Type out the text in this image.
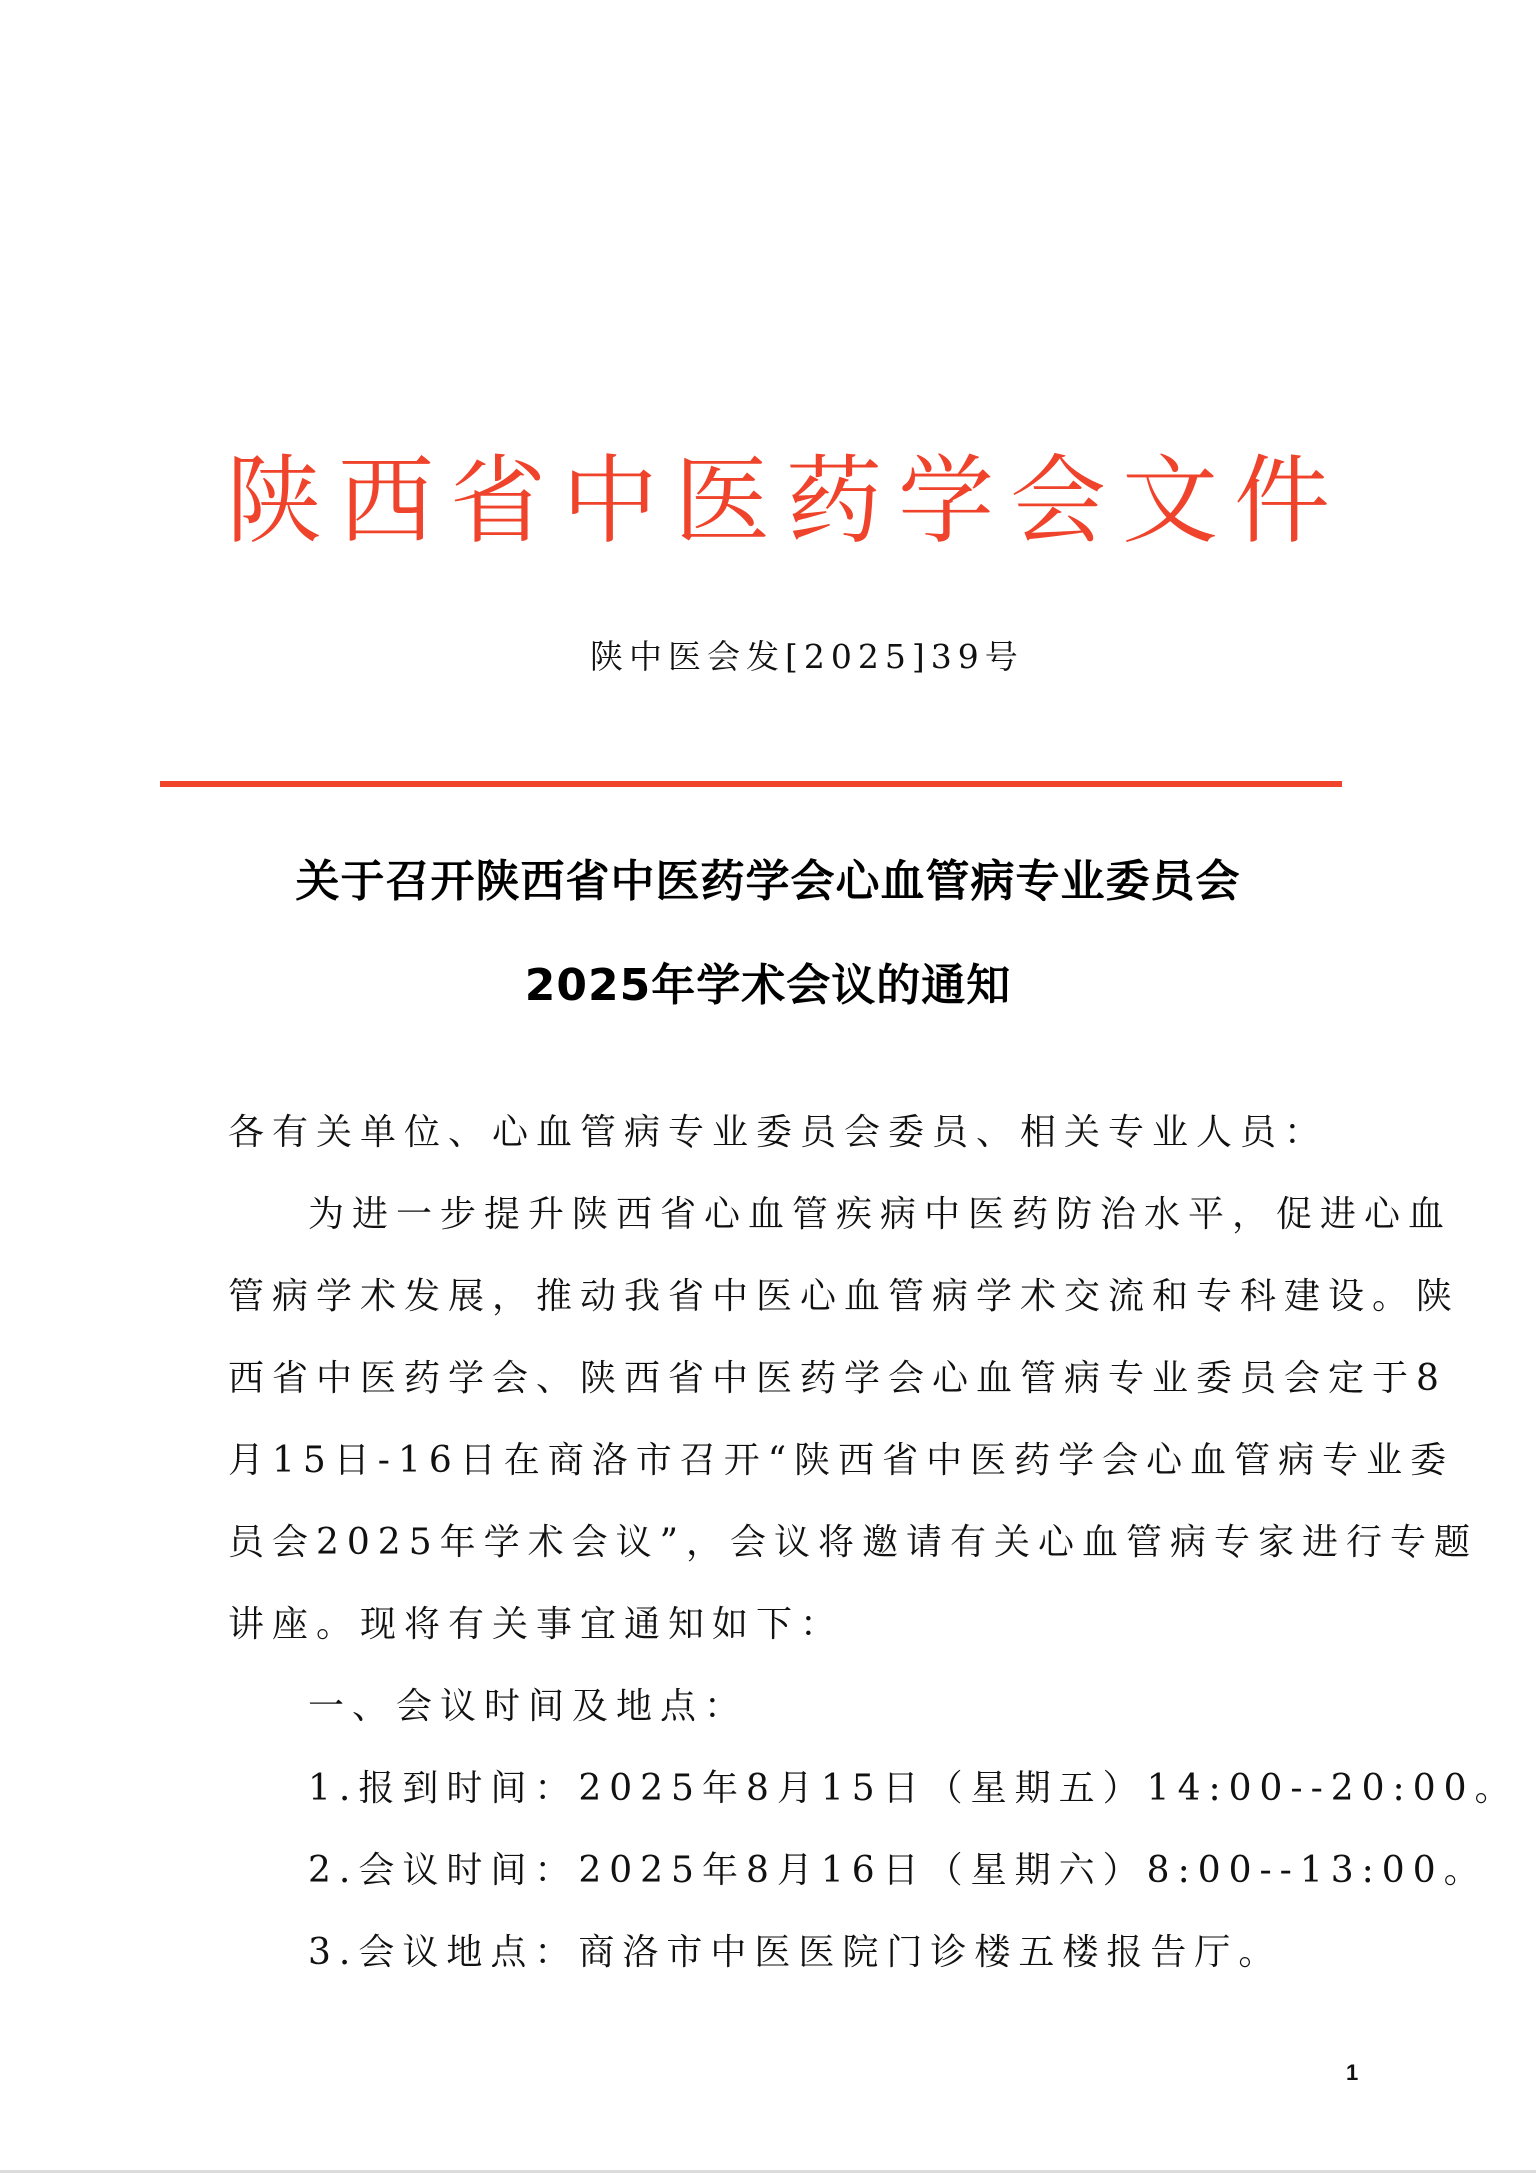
陕西省中医药学会文件
陕中医会发[2025]39号
关于召开陕西省中医药学会心血管病专业委员会
2025年学术会议的通知
各有关单位、心血管病专业委员会委员、相关专业人员：
为进一步提升陕西省心血管疾病中医药防治水平，促进心血
管病学术发展，推动我省中医心血管病学术交流和专科建设。陕
西省中医药学会、陕西省中医药学会心血管病专业委员会定于8
月15日-16日在商洛市召开“陕西省中医药学会心血管病专业委
员会2025年学术会议”，会议将邀请有关心血管病专家进行专题
讲座。现将有关事宜通知如下：
一、会议时间及地点：
1.报到时间：2025年8月15日（星期五）14:00--20:00。
2.会议时间：2025年8月16日（星期六）8:00--13:00。
3.会议地点：商洛市中医医院门诊楼五楼报告厅。
1
